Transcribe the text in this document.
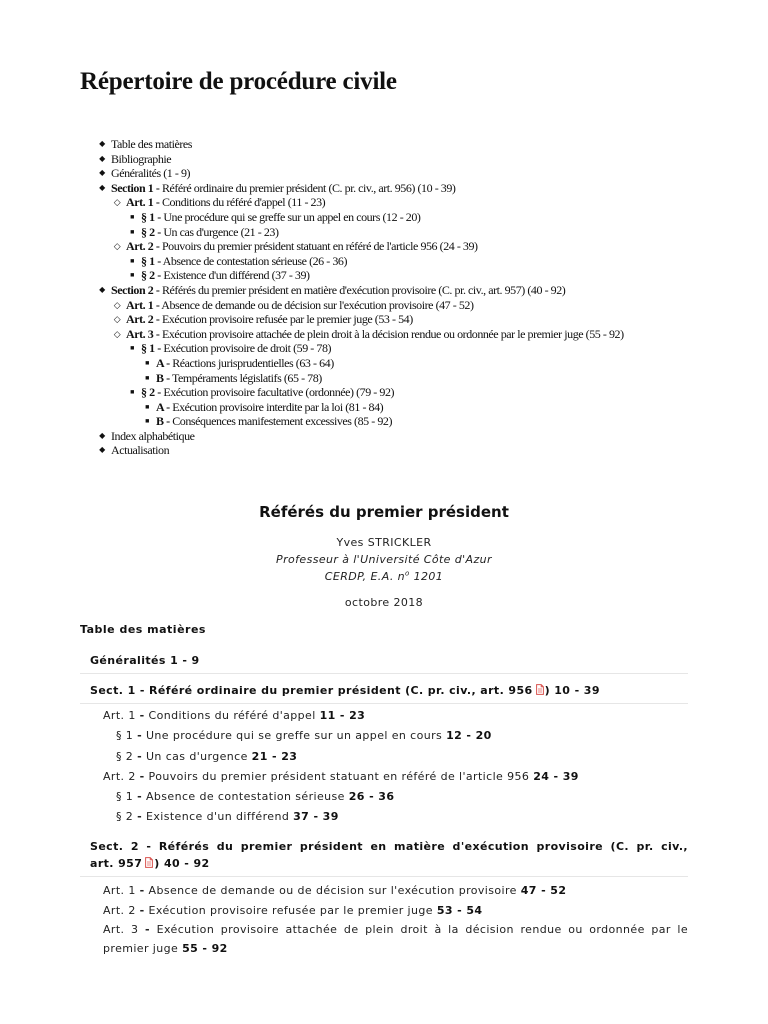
Répertoire de procédure civile
◆ Table des matières
◆ Bibliographie
◆ Généralités (1 - 9)
◆ Section 1 - Référé ordinaire du premier président (C. pr. civ., art. 956) (10 - 39)
◇ Art. 1 - Conditions du référé d'appel (11 - 23)
■ § 1 - Une procédure qui se greffe sur un appel en cours (12 - 20)
■ § 2 - Un cas d'urgence (21 - 23)
◇ Art. 2 - Pouvoirs du premier président statuant en référé de l'article 956 (24 - 39)
■ § 1 - Absence de contestation sérieuse (26 - 36)
■ § 2 - Existence d'un différend (37 - 39)
◆ Section 2 - Référés du premier président en matière d'exécution provisoire (C. pr. civ., art. 957) (40 - 92)
◇ Art. 1 - Absence de demande ou de décision sur l'exécution provisoire (47 - 52)
◇ Art. 2 - Exécution provisoire refusée par le premier juge (53 - 54)
◇ Art. 3 - Exécution provisoire attachée de plein droit à la décision rendue ou ordonnée par le premier juge (55 - 92)
■ § 1 - Exécution provisoire de droit (59 - 78)
■ A - Réactions jurisprudentielles (63 - 64)
■ B - Tempéraments législatifs (65 - 78)
■ § 2 - Exécution provisoire facultative (ordonnée) (79 - 92)
■ A - Exécution provisoire interdite par la loi (81 - 84)
■ B - Conséquences manifestement excessives (85 - 92)
◆ Index alphabétique
◆ Actualisation
Référés du premier président
Yves STRICKLER
Professeur à l'Université Côte d'Azur
CERDP, E.A. $n^o$ 1201
octobre 2018
Table des matières
Généralités 1 - 9
Sect. 1 - Référé ordinaire du premier président (C. pr. civ., art. 956 ) 10 - 39
Art. 1 - Conditions du référé d'appel 11 - 23
§ 1 - Une procédure qui se greffe sur un appel en cours 12 - 20
§ 2 - Un cas d'urgence 21 - 23
Art. 2 - Pouvoirs du premier président statuant en référé de l'article 956 24 - 39
§ 1 - Absence de contestation sérieuse 26 - 36
§ 2 - Existence d'un différend 37 - 39
Sect. 2 - Référés du premier président en matière d'exécution provisoire (C. pr. civ.,
art. 957 ) 40 - 92
Art. 1 - Absence de demande ou de décision sur l'exécution provisoire 47 - 52
Art. 2 - Exécution provisoire refusée par le premier juge 53 - 54
Art. 3 - Exécution provisoire attachée de plein droit à la décision rendue ou ordonnée par le premier juge 55 - 92
